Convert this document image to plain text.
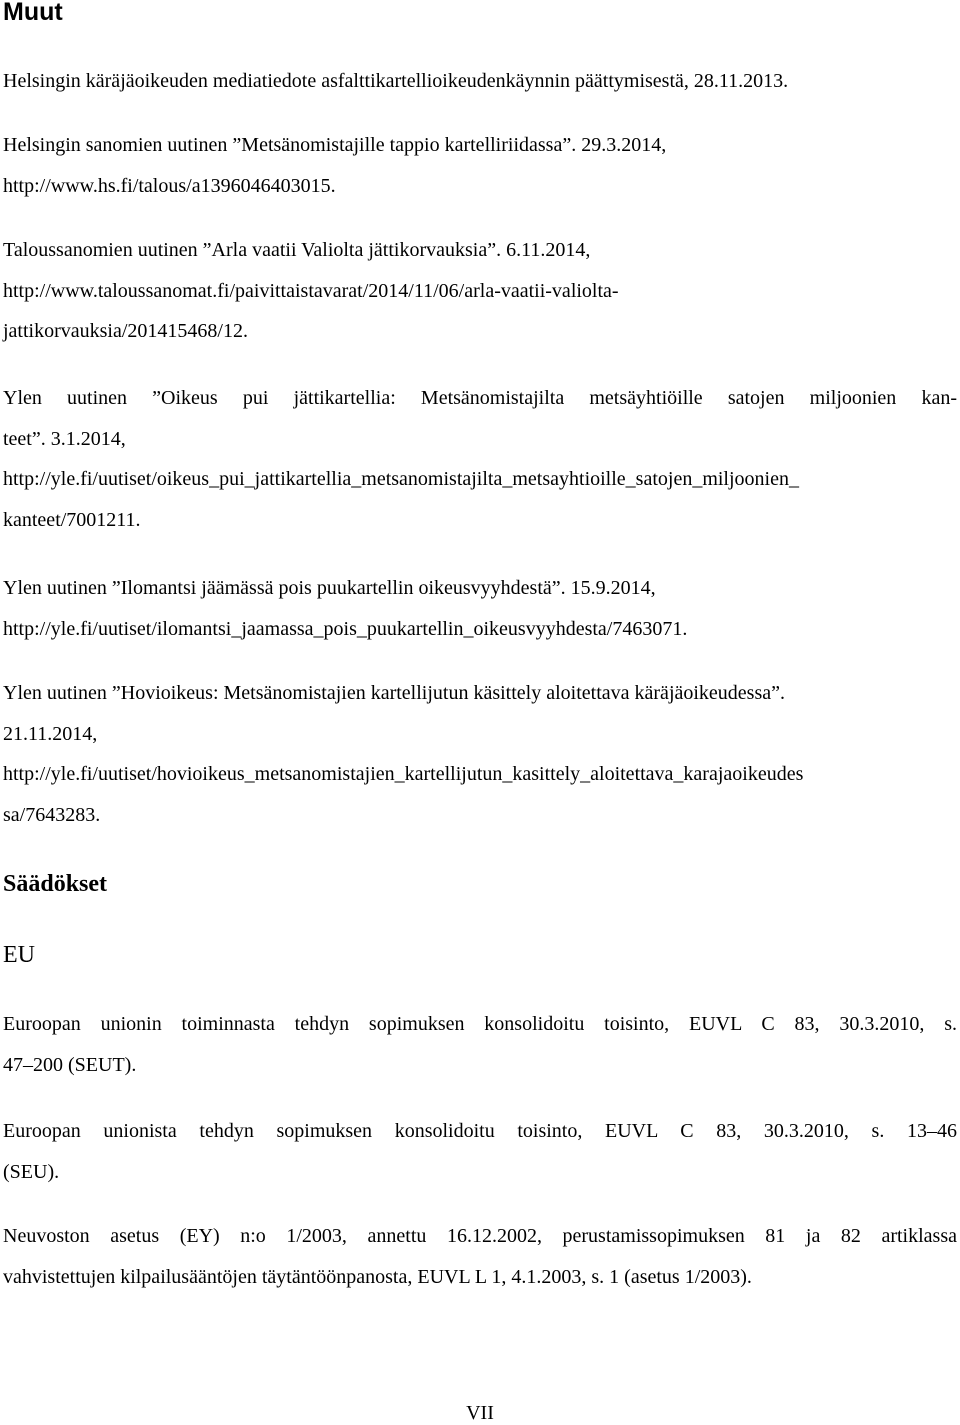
Muut
Helsingin käräjäoikeuden mediatiedote asfalttikartellioikeudenkäynnin päättymisestä, 28.11.2013.
Helsingin sanomien uutinen ”Metsänomistajille tappio kartelliriidassa”. 29.3.2014,
http://www.hs.fi/talous/a1396046403015.
Taloussanomien uutinen ”Arla vaatii Valiolta jättikorvauksia”. 6.11.2014,
http://www.taloussanomat.fi/paivittaistavarat/2014/11/06/arla-vaatii-valiolta-
jattikorvauksia/201415468/12.
Ylen uutinen ”Oikeus pui jättikartellia: Metsänomistajilta metsäyhtiöille satojen miljoonien kan-
teet”. 3.1.2014,
http://yle.fi/uutiset/oikeus_pui_jattikartellia_metsanomistajilta_metsayhtioille_satojen_miljoonien_
kanteet/7001211.
Ylen uutinen ”Ilomantsi jäämässä pois puukartellin oikeusvyyhdestä”. 15.9.2014,
http://yle.fi/uutiset/ilomantsi_jaamassa_pois_puukartellin_oikeusvyyhdesta/7463071.
Ylen uutinen ”Hovioikeus: Metsänomistajien kartellijutun käsittely aloitettava käräjäoikeudessa”.
21.11.2014,
http://yle.fi/uutiset/hovioikeus_metsanomistajien_kartellijutun_kasittely_aloitettava_karajaoikeudes
sa/7643283.
Säädökset
EU
Euroopan unionin toiminnasta tehdyn sopimuksen konsolidoitu toisinto, EUVL C 83, 30.3.2010, s.
47–200 (SEUT).
Euroopan unionista tehdyn sopimuksen konsolidoitu toisinto, EUVL C 83, 30.3.2010, s. 13–46
(SEU).
Neuvoston asetus (EY) n:o 1/2003, annettu 16.12.2002, perustamissopimuksen 81 ja 82 artiklassa
vahvistettujen kilpailusääntöjen täytäntöönpanosta, EUVL L 1, 4.1.2003, s. 1 (asetus 1/2003).
VII
